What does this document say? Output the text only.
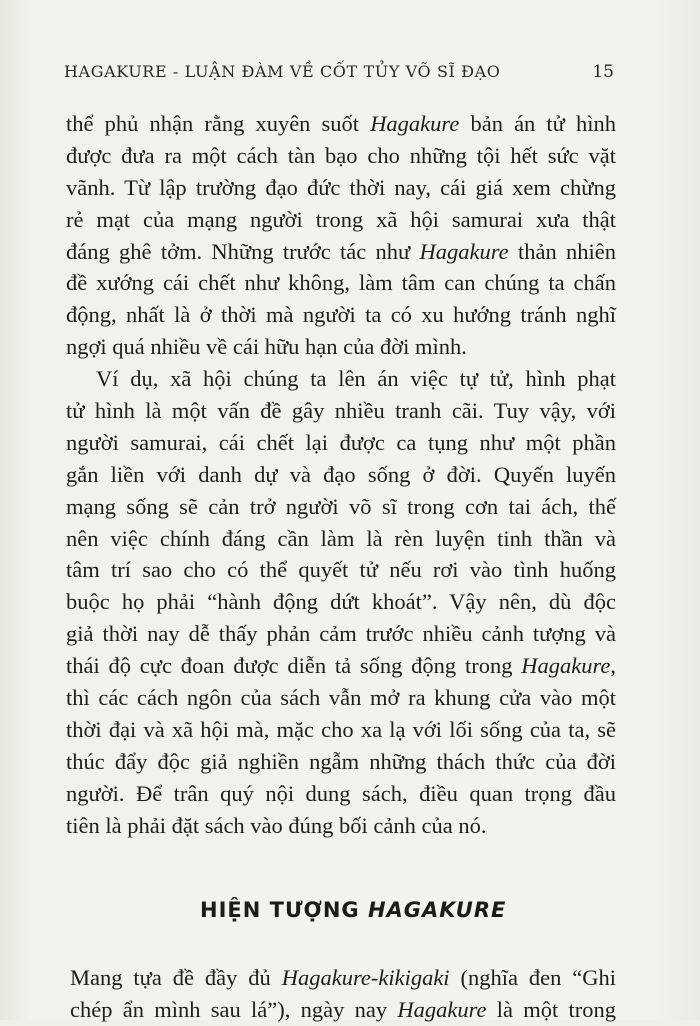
HAGAKURE - LUẬN ĐÀM VỀ CỐT TỦY VÕ SĨ ĐẠO	15
thể phủ nhận rằng xuyên suốt Hagakure bản án tử hình
được đưa ra một cách tàn bạo cho những tội hết sức vặt
vãnh. Từ lập trường đạo đức thời nay, cái giá xem chừng
rẻ mạt của mạng người trong xã hội samurai xưa thật
đáng ghê tởm. Những trước tác như Hagakure thản nhiên
đề xướng cái chết như không, làm tâm can chúng ta chấn
động, nhất là ở thời mà người ta có xu hướng tránh nghĩ
ngợi quá nhiều về cái hữu hạn của đời mình.
Ví dụ, xã hội chúng ta lên án việc tự tử, hình phạt
tử hình là một vấn đề gây nhiều tranh cãi. Tuy vậy, với
người samurai, cái chết lại được ca tụng như một phần
gắn liền với danh dự và đạo sống ở đời. Quyến luyến
mạng sống sẽ cản trở người võ sĩ trong cơn tai ách, thế
nên việc chính đáng cần làm là rèn luyện tinh thần và
tâm trí sao cho có thể quyết tử nếu rơi vào tình huống
buộc họ phải “hành động dứt khoát”. Vậy nên, dù độc
giả thời nay dễ thấy phản cảm trước nhiều cảnh tượng và
thái độ cực đoan được diễn tả sống động trong Hagakure,
thì các cách ngôn của sách vẫn mở ra khung cửa vào một
thời đại và xã hội mà, mặc cho xa lạ với lối sống của ta, sẽ
thúc đẩy độc giả nghiền ngẫm những thách thức của đời
người. Để trân quý nội dung sách, điều quan trọng đầu
tiên là phải đặt sách vào đúng bối cảnh của nó.
HIỆN TƯỢNG HAGAKURE
Mang tựa đề đầy đủ Hagakure-kikigaki (nghĩa đen “Ghi
chép ẩn mình sau lá”), ngày nay Hagakure là một trong
